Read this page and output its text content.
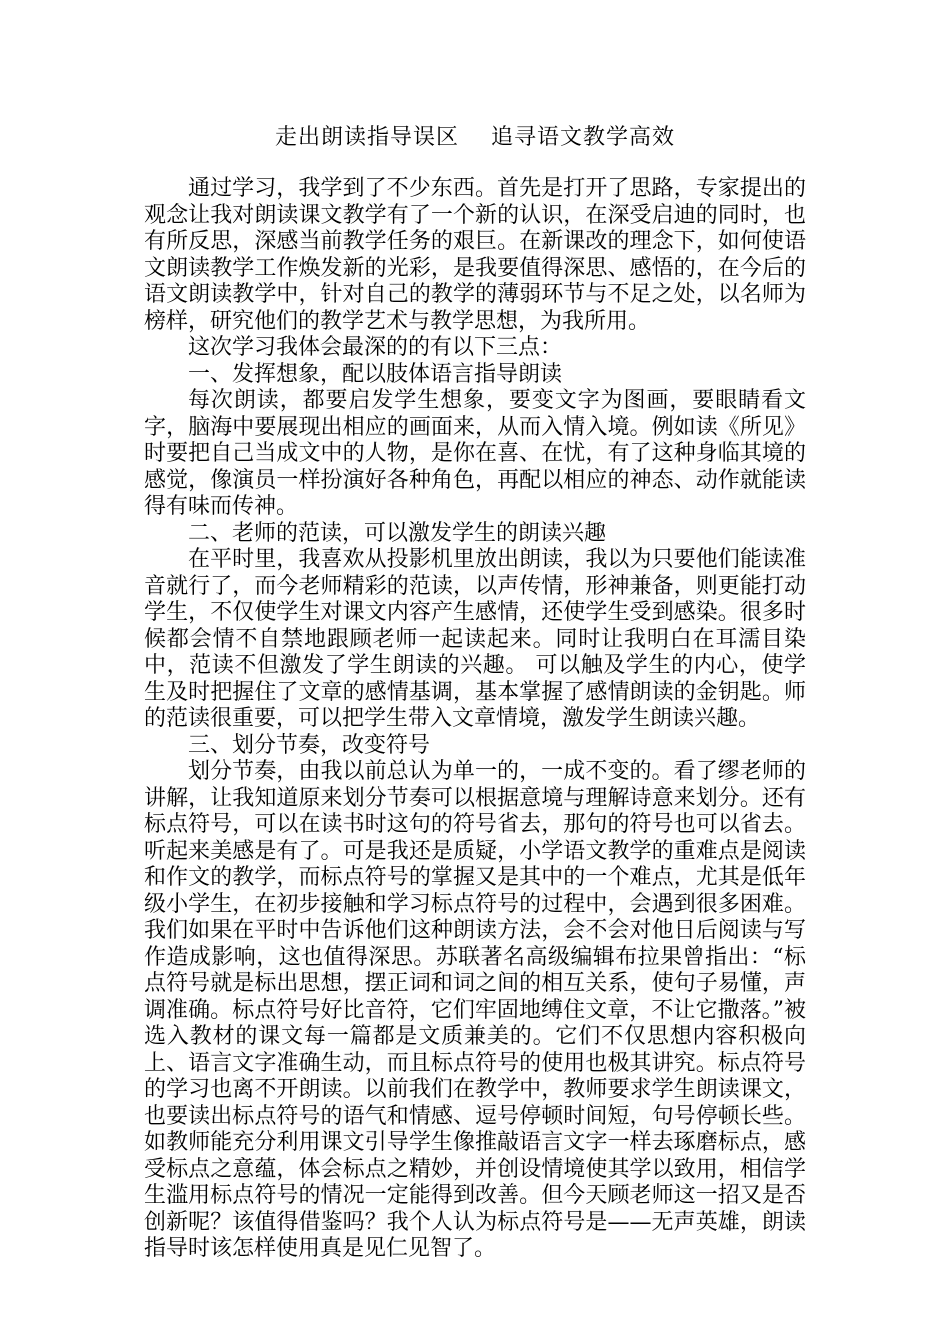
走出朗读指导误区    追寻语文教学高效

通过学习，我学到了不少东西。首先是打开了思路，专家提出的观念让我对朗读课文教学有了一个新的认识，在深受启迪的同时，也有所反思，深感当前教学任务的艰巨。在新课改的理念下，如何使语文朗读教学工作焕发新的光彩，是我要值得深思、感悟的，在今后的语文朗读教学中，针对自己的教学的薄弱环节与不足之处，以名师为榜样，研究他们的教学艺术与教学思想，为我所用。

这次学习我体会最深的的有以下三点：

一、发挥想象，配以肢体语言指导朗读

每次朗读，都要启发学生想象，要变文字为图画，要眼睛看文字，脑海中要展现出相应的画面来，从而入情入境。例如读《所见》时要把自己当成文中的人物，是你在喜、在忧，有了这种身临其境的感觉，像演员一样扮演好各种角色，再配以相应的神态、动作就能读得有味而传神。

二、老师的范读，可以激发学生的朗读兴趣

在平时里，我喜欢从投影机里放出朗读，我以为只要他们能读准音就行了，而今老师精彩的范读，以声传情，形神兼备，则更能打动学生，不仅使学生对课文内容产生感情，还使学生受到感染。很多时候都会情不自禁地跟顾老师一起读起来。同时让我明白在耳濡目染中，范读不但激发了学生朗读的兴趣。 可以触及学生的内心，使学生及时把握住了文章的感情基调，基本掌握了感情朗读的金钥匙。师的范读很重要，可以把学生带入文章情境，激发学生朗读兴趣。

三、划分节奏，改变符号

划分节奏，由我以前总认为单一的，一成不变的。看了缪老师的讲解，让我知道原来划分节奏可以根据意境与理解诗意来划分。还有标点符号，可以在读书时这句的符号省去，那句的符号也可以省去。听起来美感是有了。可是我还是质疑，小学语文教学的重难点是阅读和作文的教学，而标点符号的掌握又是其中的一个难点，尤其是低年级小学生，在初步接触和学习标点符号的过程中，会遇到很多困难。我们如果在平时中告诉他们这种朗读方法，会不会对他日后阅读与写作造成影响，这也值得深思。苏联著名高级编辑布拉果曾指出：“标点符号就是标出思想，摆正词和词之间的相互关系，使句子易懂，声调准确。标点符号好比音符，它们牢固地缚住文章，不让它撒落。”被选入教材的课文每一篇都是文质兼美的。它们不仅思想内容积极向上、语言文字准确生动，而且标点符号的使用也极其讲究。标点符号的学习也离不开朗读。以前我们在教学中，教师要求学生朗读课文，也要读出标点符号的语气和情感、逗号停顿时间短，句号停顿长些。如教师能充分利用课文引导学生像推敲语言文字一样去琢磨标点，感受标点之意蕴，体会标点之精妙，并创设情境使其学以致用，相信学生滥用标点符号的情况一定能得到改善。但今天顾老师这一招又是否创新呢？该值得借鉴吗？我个人认为标点符号是——无声英雄，朗读指导时该怎样使用真是见仁见智了。
